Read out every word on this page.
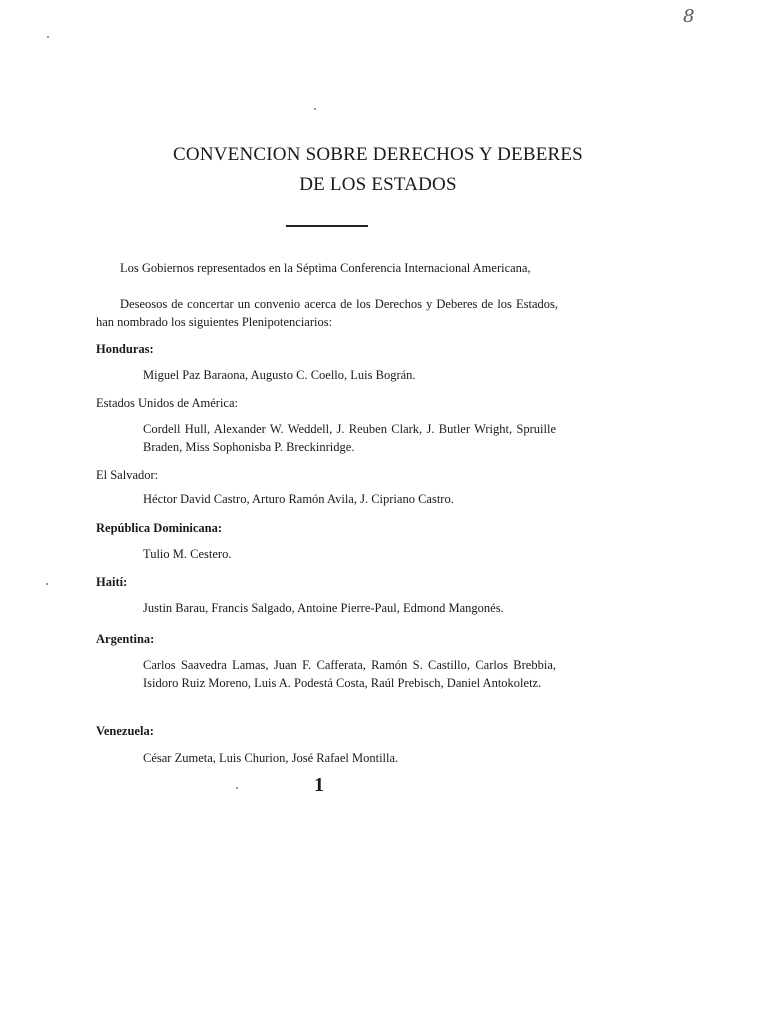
8
CONVENCION SOBRE DERECHOS Y DEBERES
DE LOS ESTADOS
Los Gobiernos representados en la Séptima Conferencia Internacional Americana,
Deseosos de concertar un convenio acerca de los Derechos y Deberes de los Estados, han nombrado los siguientes Plenipotenciarios:
Honduras:
Miguel Paz Baraona, Augusto C. Coello, Luis Bográn.
Estados Unidos de América:
Cordell Hull, Alexander W. Weddell, J. Reuben Clark, J. Butler Wright, Spruille Braden, Miss Sophonisba P. Breckinridge.
El Salvador:
Héctor David Castro, Arturo Ramón Avila, J. Cipriano Castro.
República Dominicana:
Tulio M. Cestero.
Haití:
Justin Barau, Francis Salgado, Antoine Pierre-Paul, Edmond Mangonés.
Argentina:
Carlos Saavedra Lamas, Juan F. Cafferata, Ramón S. Castillo, Carlos Brebbia, Isidoro Ruiz Moreno, Luis A. Podestá Costa, Raúl Prebisch, Daniel Antokoletz.
Venezuela:
César Zumeta, Luis Churion, José Rafael Montilla.
1
